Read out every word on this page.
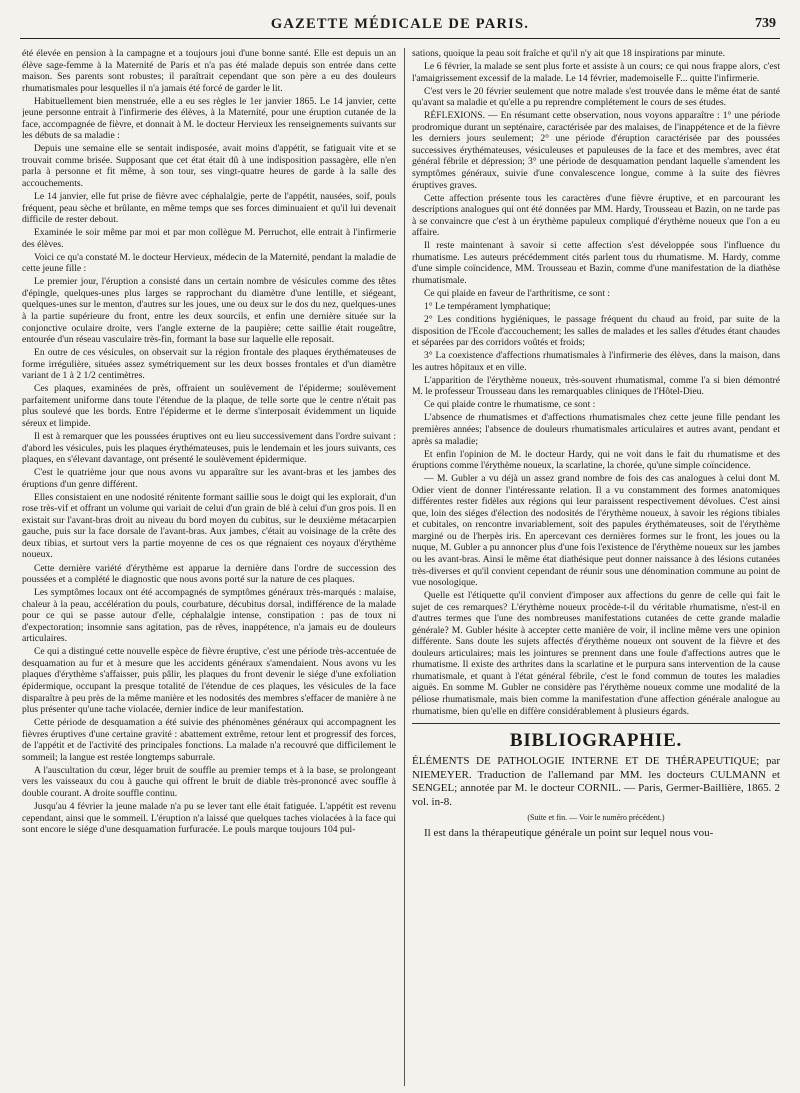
GAZETTE MÉDICALE DE PARIS.	739

été élevée en pension à la campagne et a toujours joui d'une bonne santé. Elle est depuis un an élève sage-femme à la Maternité de Paris et n'a pas été malade depuis son entrée dans cette maison. Ses parents sont robustes; il paraîtrait cependant que son père a eu des douleurs rhumatismales pour lesquelles il n'a jamais été forcé de garder le lit.

Habituellement bien menstruée, elle a eu ses règles le 1er janvier 1865. Le 14 janvier, cette jeune personne entrait à l'infirmerie des élèves, à la Maternité, pour une éruption cutanée de la face, accompagnée de fièvre, et donnait à M. le docteur Hervieux les renseignements suivants sur les débuts de sa maladie :

Depuis une semaine elle se sentait indisposée, avait moins d'appétit, se fatiguait vite et se trouvait comme brisée. Supposant que cet état était dû à une indisposition passagère, elle n'en parla à personne et fit même, à son tour, ses vingt-quatre heures de garde à la salle des accouchements.

Le 14 janvier, elle fut prise de fièvre avec céphalalgie, perte de l'appétit, nausées, soif, pouls fréquent, peau sèche et brûlante, en même temps que ses forces diminuaient et qu'il lui devenait difficile de rester debout.

Examinée le soir même par moi et par mon collègue M. Perruchot, elle entrait à l'infirmerie des élèves.

Voici ce qu'a constaté M. le docteur Hervieux, médecin de la Maternité, pendant la maladie de cette jeune fille :

Le premier jour, l'éruption a consisté dans un certain nombre de vésicules comme des têtes d'épingle, quelques-unes plus larges se rapprochant du diamètre d'une lentille, et siégeant, quelques-unes sur le menton, d'autres sur les joues, une ou deux sur le dos du nez, quelques-unes à la partie supérieure du front, entre les deux sourcils, et enfin une dernière située sur la conjonctive oculaire droite, vers l'angle externe de la paupière; cette saillie était rougeâtre, entourée d'un réseau vasculaire très-fin, formant la base sur laquelle elle reposait.

En outre de ces vésicules, on observait sur la région frontale des plaques érythémateuses de forme irrégulière, situées assez symétriquement sur les deux bosses frontales et d'un diamètre variant de 1 à 2 1/2 centimètres.

Ces plaques, examinées de près, offraient un soulèvement de l'épiderme; soulèvement parfaitement uniforme dans toute l'étendue de la plaque, de telle sorte que le centre n'était pas plus soulevé que les bords. Entre l'épiderme et le derme s'interposait évidemment un liquide séreux et limpide.

Il est à remarquer que les poussées éruptives ont eu lieu successivement dans l'ordre suivant : d'abord les vésicules, puis les plaques érythémateuses, puis le lendemain et les jours suivants, ces plaques, en s'élevant davantage, ont présenté le soulèvement épidermique.

C'est le quatrième jour que nous avons vu apparaître sur les avant-bras et les jambes des éruptions d'un genre différent.

Elles consistaient en une nodosité rénitente formant saillie sous le doigt qui les explorait, d'un rose très-vif et offrant un volume qui variait de celui d'un grain de blé à celui d'un gros pois. Il en existait sur l'avant-bras droit au niveau du bord moyen du cubitus, sur le deuxième métacarpien gauche, puis sur la face dorsale de l'avant-bras. Aux jambes, c'était au voisinage de la crête des deux tibias, et surtout vers la partie moyenne de ces os que régnaient ces noyaux d'érythème noueux.

Cette dernière variété d'érythème est apparue la dernière dans l'ordre de succession des poussées et a complété le diagnostic que nous avons porté sur la nature de ces plaques.

Les symptômes locaux ont été accompagnés de symptômes généraux très-marqués : malaise, chaleur à la peau, accélération du pouls, courbature, décubitus dorsal, indifférence de la malade pour ce qui se passe autour d'elle, céphalalgie intense, constipation : pas de toux ni d'expectoration; insomnie sans agitation, pas de rêves, inappétence, n'a jamais eu de douleurs articulaires.

Ce qui a distingué cette nouvelle espèce de fièvre éruptive, c'est une période très-accentuée de desquamation au fur et à mesure que les accidents généraux s'amendaient. Nous avons vu les plaques d'érythème s'affaisser, puis pâlir, les plaques du front devenir le siége d'une exfoliation épidermique, occupant la presque totalité de l'étendue de ces plaques, les vésicules de la face disparaître à peu près de la même manière et les nodosités des membres s'effacer de manière à ne plus présenter qu'une tache violacée, dernier indice de leur manifestation.

Cette période de desquamation a été suivie des phénomènes généraux qui accompagnent les fièvres éruptives d'une certaine gravité : abattement extrême, retour lent et progressif des forces, de l'appétit et de l'activité des principales fonctions. La malade n'a recouvré que difficilement le sommeil; la langue est restée longtemps saburrale.

A l'auscultation du cœur, léger bruit de souffle au premier temps et à la base, se prolongeant vers les vaisseaux du cou à gauche qui offrent le bruit de diable très-prononcé avec souffle à double courant. A droite souffle continu.

Jusqu'au 4 février la jeune malade n'a pu se lever tant elle était fatiguée. L'appétit est revenu cependant, ainsi que le sommeil. L'éruption n'a laissé que quelques taches violacées à la face qui sont encore le siége d'une desquamation furfuracée. Le pouls marque toujours 104 pul-

sations, quoique la peau soit fraîche et qu'il n'y ait que 18 inspirations par minute.

Le 6 février, la malade se sent plus forte et assiste à un cours; ce qui nous frappe alors, c'est l'amaigrissement excessif de la malade. Le 14 février, mademoiselle F... quitte l'infirmerie.

C'est vers le 20 février seulement que notre malade s'est trouvée dans le même état de santé qu'avant sa maladie et qu'elle a pu reprendre complétement le cours de ses études.

RÉFLEXIONS. — En résumant cette observation, nous voyons apparaître : 1° une période prodromique durant un septénaire, caractérisée par des malaises, de l'inappétence et de la fièvre les derniers jours seulement; 2° une période d'éruption caractérisée par des poussées successives érythémateuses, vésiculeuses et papuleuses de la face et des membres, avec état général fébrile et dépression; 3° une période de desquamation pendant laquelle s'amendent les symptômes généraux, suivie d'une convalescence longue, comme à la suite des fièvres éruptives graves.

Cette affection présente tous les caractères d'une fièvre éruptive, et en parcourant les descriptions analogues qui ont été données par MM. Hardy, Trousseau et Bazin, on ne tarde pas à se convaincre que c'est à un érythème papuleux compliqué d'érythème noueux que l'on a eu affaire.

Il reste maintenant à savoir si cette affection s'est développée sous l'influence du rhumatisme. Les auteurs précédemment cités parlent tous du rhumatisme. M. Hardy, comme d'une simple coïncidence, MM. Trousseau et Bazin, comme d'une manifestation de la diathèse rhumatismale.

Ce qui plaide en faveur de l'arthritisme, ce sont :

1° Le tempérament lymphatique;

2° Les conditions hygiéniques, le passage fréquent du chaud au froid, par suite de la disposition de l'Ecole d'accouchement; les salles de malades et les salles d'études étant chaudes et séparées par des corridors voûtés et froids;

3° La coexistence d'affections rhumatismales à l'infirmerie des élèves, dans la maison, dans les autres hôpitaux et en ville.

L'apparition de l'érythème noueux, très-souvent rhumatismal, comme l'a si bien démontré M. le professeur Trousseau dans les remarquables cliniques de l'Hôtel-Dieu.

Ce qui plaide contre le rhumatisme, ce sont :

L'absence de rhumatismes et d'affections rhumatismales chez cette jeune fille pendant les premières années; l'absence de douleurs rhumatismales articulaires et autres avant, pendant et après sa maladie;

Et enfin l'opinion de M. le docteur Hardy, qui ne voit dans le fait du rhumatisme et des éruptions comme l'érythème noueux, la scarlatine, la chorée, qu'une simple coïncidence.

— M. Gubler a vu déjà un assez grand nombre de fois des cas analogues à celui dont M. Odier vient de donner l'intéressante relation. Il a vu constamment des formes anatomiques différentes rester fidèles aux régions qui leur paraissent respectivement dévolues. C'est ainsi que, loin des siéges d'élection des nodosités de l'érythème noueux, à savoir les régions tibiales et cubitales, on rencontre invariablement, soit des papules érythémateuses, soit de l'érythème marginé ou de l'herpès iris. En apercevant ces dernières formes sur le front, les joues ou la nuque, M. Gubler a pu annoncer plus d'une fois l'existence de l'érythème noueux sur les jambes ou les avant-bras. Ainsi le même état diathésique peut donner naissance à des lésions cutanées très-diverses et qu'il convient cependant de réunir sous une dénomination commune au point de vue nosologique.

Quelle est l'étiquette qu'il convient d'imposer aux affections du genre de celle qui fait le sujet de ces remarques? L'érythème noueux procède-t-il du véritable rhumatisme, n'est-il en d'autres termes que l'une des nombreuses manifestations cutanées de cette grande maladie générale? M. Gubler hésite à accepter cette manière de voir, il incline même vers une opinion différente. Sans doute les sujets affectés d'érythème noueux ont souvent de la fièvre et des douleurs articulaires; mais les jointures se prennent dans une foule d'affections autres que le rhumatisme. Il existe des arthrites dans la scarlatine et le purpura sans intervention de la cause rhumatismale, et quant à l'état général fébrile, c'est le fond commun de toutes les maladies aiguës. En somme M. Gubler ne considère pas l'érythème noueux comme une modalité de la péliose rhumatismale, mais bien comme la manifestation d'une affection générale analogue au rhumatisme, bien qu'elle en diffère considérablement à plusieurs égards.

BIBLIOGRAPHIE.

ÉLÉMENTS DE PATHOLOGIE INTERNE ET DE THÉRAPEUTIQUE; par NIEMEYER. Traduction de l'allemand par MM. les docteurs CULMANN et SENGEL; annotée par M. le docteur CORNIL. — Paris, Germer-Baillière, 1865. 2 vol. in-8.

(Suite et fin. — Voir le numéro précédent.)

Il est dans la thérapeutique générale un point sur lequel nous vou-
